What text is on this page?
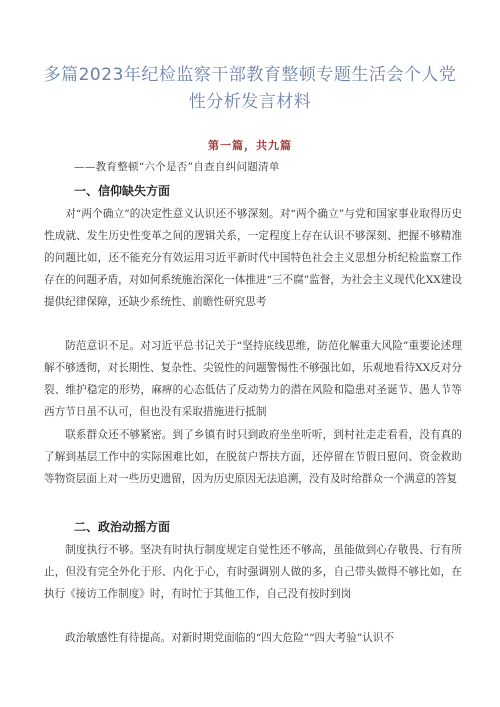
多篇2023年纪检监察干部教育整顿专题生活会个人党性分析发言材料
第一篇，共九篇
——教育整顿“六个是否”自查自纠问题清单
一、信仰缺失方面

对“两个确立”的决定性意义认识还不够深刻。对“两个确立”与党和国家事业取得历史性成就、发生历史性变革之间的逻辑关系，一定程度上存在认识不够深刻、把握不够精准的问题比如，还不能充分有效运用习近平新时代中国特色社会主义思想分析纪检监察工作存在的问题矛盾，对如何系统施治深化一体推进“三不腐”监督，为社会主义现代化XX建设提供纪律保障，还缺少系统性、前瞻性研究思考

防范意识不足。对习近平总书记关于“坚持底线思维，防范化解重大风险”重要论述理解不够透彻，对长期性、复杂性、尖锐性的问题警惕性不够强比如，乐观地看待XX反对分裂、维护稳定的形势，麻痹的心态低估了反动势力的潜在风险和隐患对圣诞节、愚人节等西方节日虽不认可，但也没有采取措施进行抵制

联系群众还不够紧密。到了乡镇有时只到政府坐坐听听，到村社走走看看，没有真的了解到基层工作中的实际困难比如，在脱贫户帮扶方面，还停留在节假日慰问、资金救助等物资层面上对一些历史遗留，因为历史原因无法追溯，没有及时给群众一个满意的答复

二、政治动摇方面

制度执行不够。坚决有时执行制度规定自觉性还不够高，虽能做到心存敬畏、行有所止，但没有完全外化于形、内化于心，有时强调别人做的多，自己带头做得不够比如，在执行《接访工作制度》时，有时忙于其他工作，自己没有按时到岗

政治敏感性有待提高。对新时期党面临的“四大危险”“四大考验”认识不
